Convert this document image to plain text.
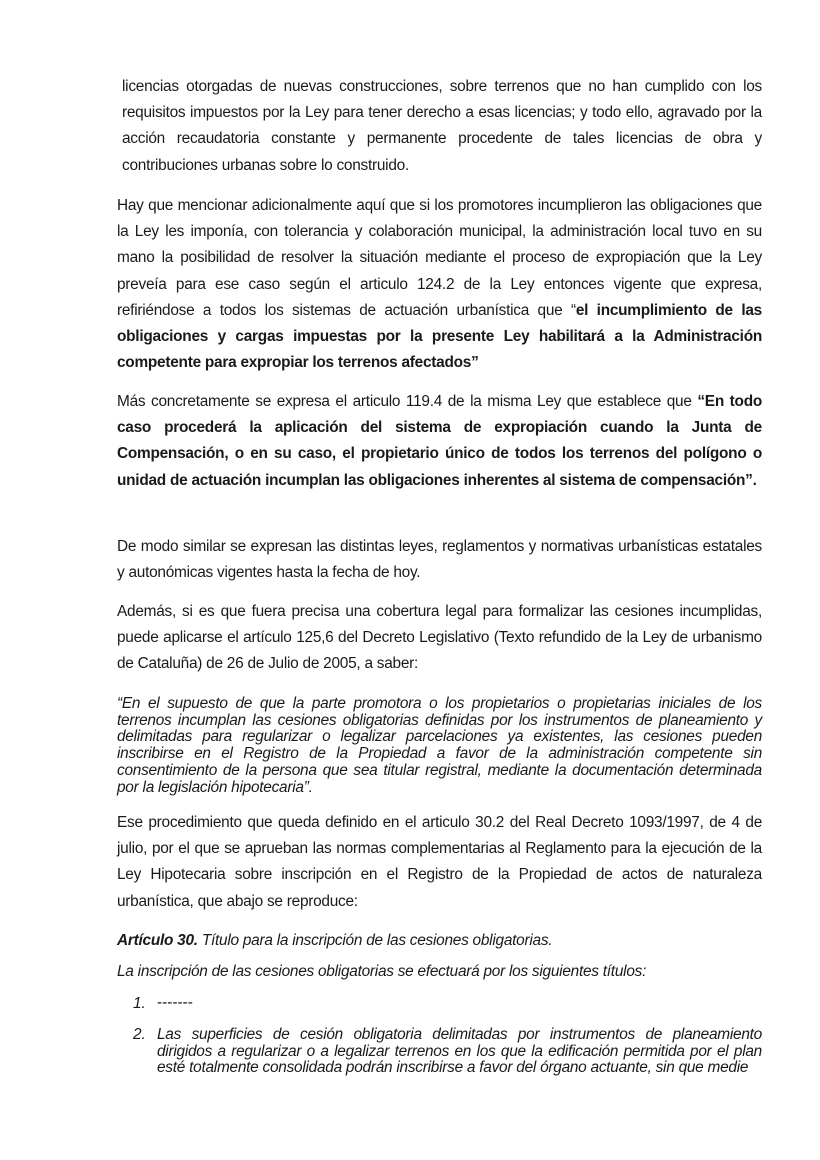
licencias otorgadas de nuevas construcciones, sobre terrenos que no han cumplido con los requisitos impuestos por la Ley para tener derecho a esas licencias; y todo ello, agravado por la acción recaudatoria constante y permanente procedente de tales licencias de obra y contribuciones urbanas sobre lo construido.

Hay que mencionar adicionalmente aquí que si los promotores incumplieron las obligaciones que la Ley les imponía, con tolerancia y colaboración municipal, la administración local tuvo en su mano la posibilidad de resolver la situación mediante el proceso de expropiación que la Ley preveía para ese caso según el articulo 124.2 de la Ley entonces vigente que expresa, refiriéndose a todos los sistemas de actuación urbanística que “el incumplimiento de las obligaciones y cargas impuestas por la presente Ley habilitará a la Administración competente para expropiar los terrenos afectados”

Más concretamente se expresa el articulo 119.4 de la misma Ley que establece que “En todo caso procederá la aplicación del sistema de expropiación cuando la Junta de Compensación, o en su caso, el propietario único de todos los terrenos del polígono o unidad de actuación incumplan las obligaciones inherentes al sistema de compensación”.

De modo similar se expresan las distintas leyes, reglamentos y normativas urbanísticas estatales y autonómicas vigentes hasta la fecha de hoy.

Además, si es que fuera precisa una cobertura legal para formalizar las cesiones incumplidas, puede aplicarse el artículo 125,6 del Decreto Legislativo (Texto refundido de la Ley de urbanismo de Cataluña) de 26 de Julio de 2005, a saber:

“En el supuesto de que la parte promotora o los propietarios o propietarias iniciales de los terrenos incumplan las cesiones obligatorias definidas por los instrumentos de planeamiento y delimitadas para regularizar o legalizar parcelaciones ya existentes, las cesiones pueden inscribirse en el Registro de la Propiedad a favor de la administración competente sin consentimiento de la persona que sea titular registral, mediante la documentación determinada por la legislación hipotecaria”.

Ese procedimiento que queda definido en el articulo 30.2 del Real Decreto 1093/1997, de 4 de julio, por el que se aprueban las normas complementarias al Reglamento para la ejecución de la Ley Hipotecaria sobre inscripción en el Registro de la Propiedad de actos de naturaleza urbanística, que abajo se reproduce:

Artículo 30. Título para la inscripción de las cesiones obligatorias.

La inscripción de las cesiones obligatorias se efectuará por los siguientes títulos:

1. -------
2. Las superficies de cesión obligatoria delimitadas por instrumentos de planeamiento dirigidos a regularizar o a legalizar terrenos en los que la edificación permitida por el plan esté totalmente consolidada podrán inscribirse a favor del órgano actuante, sin que medie
